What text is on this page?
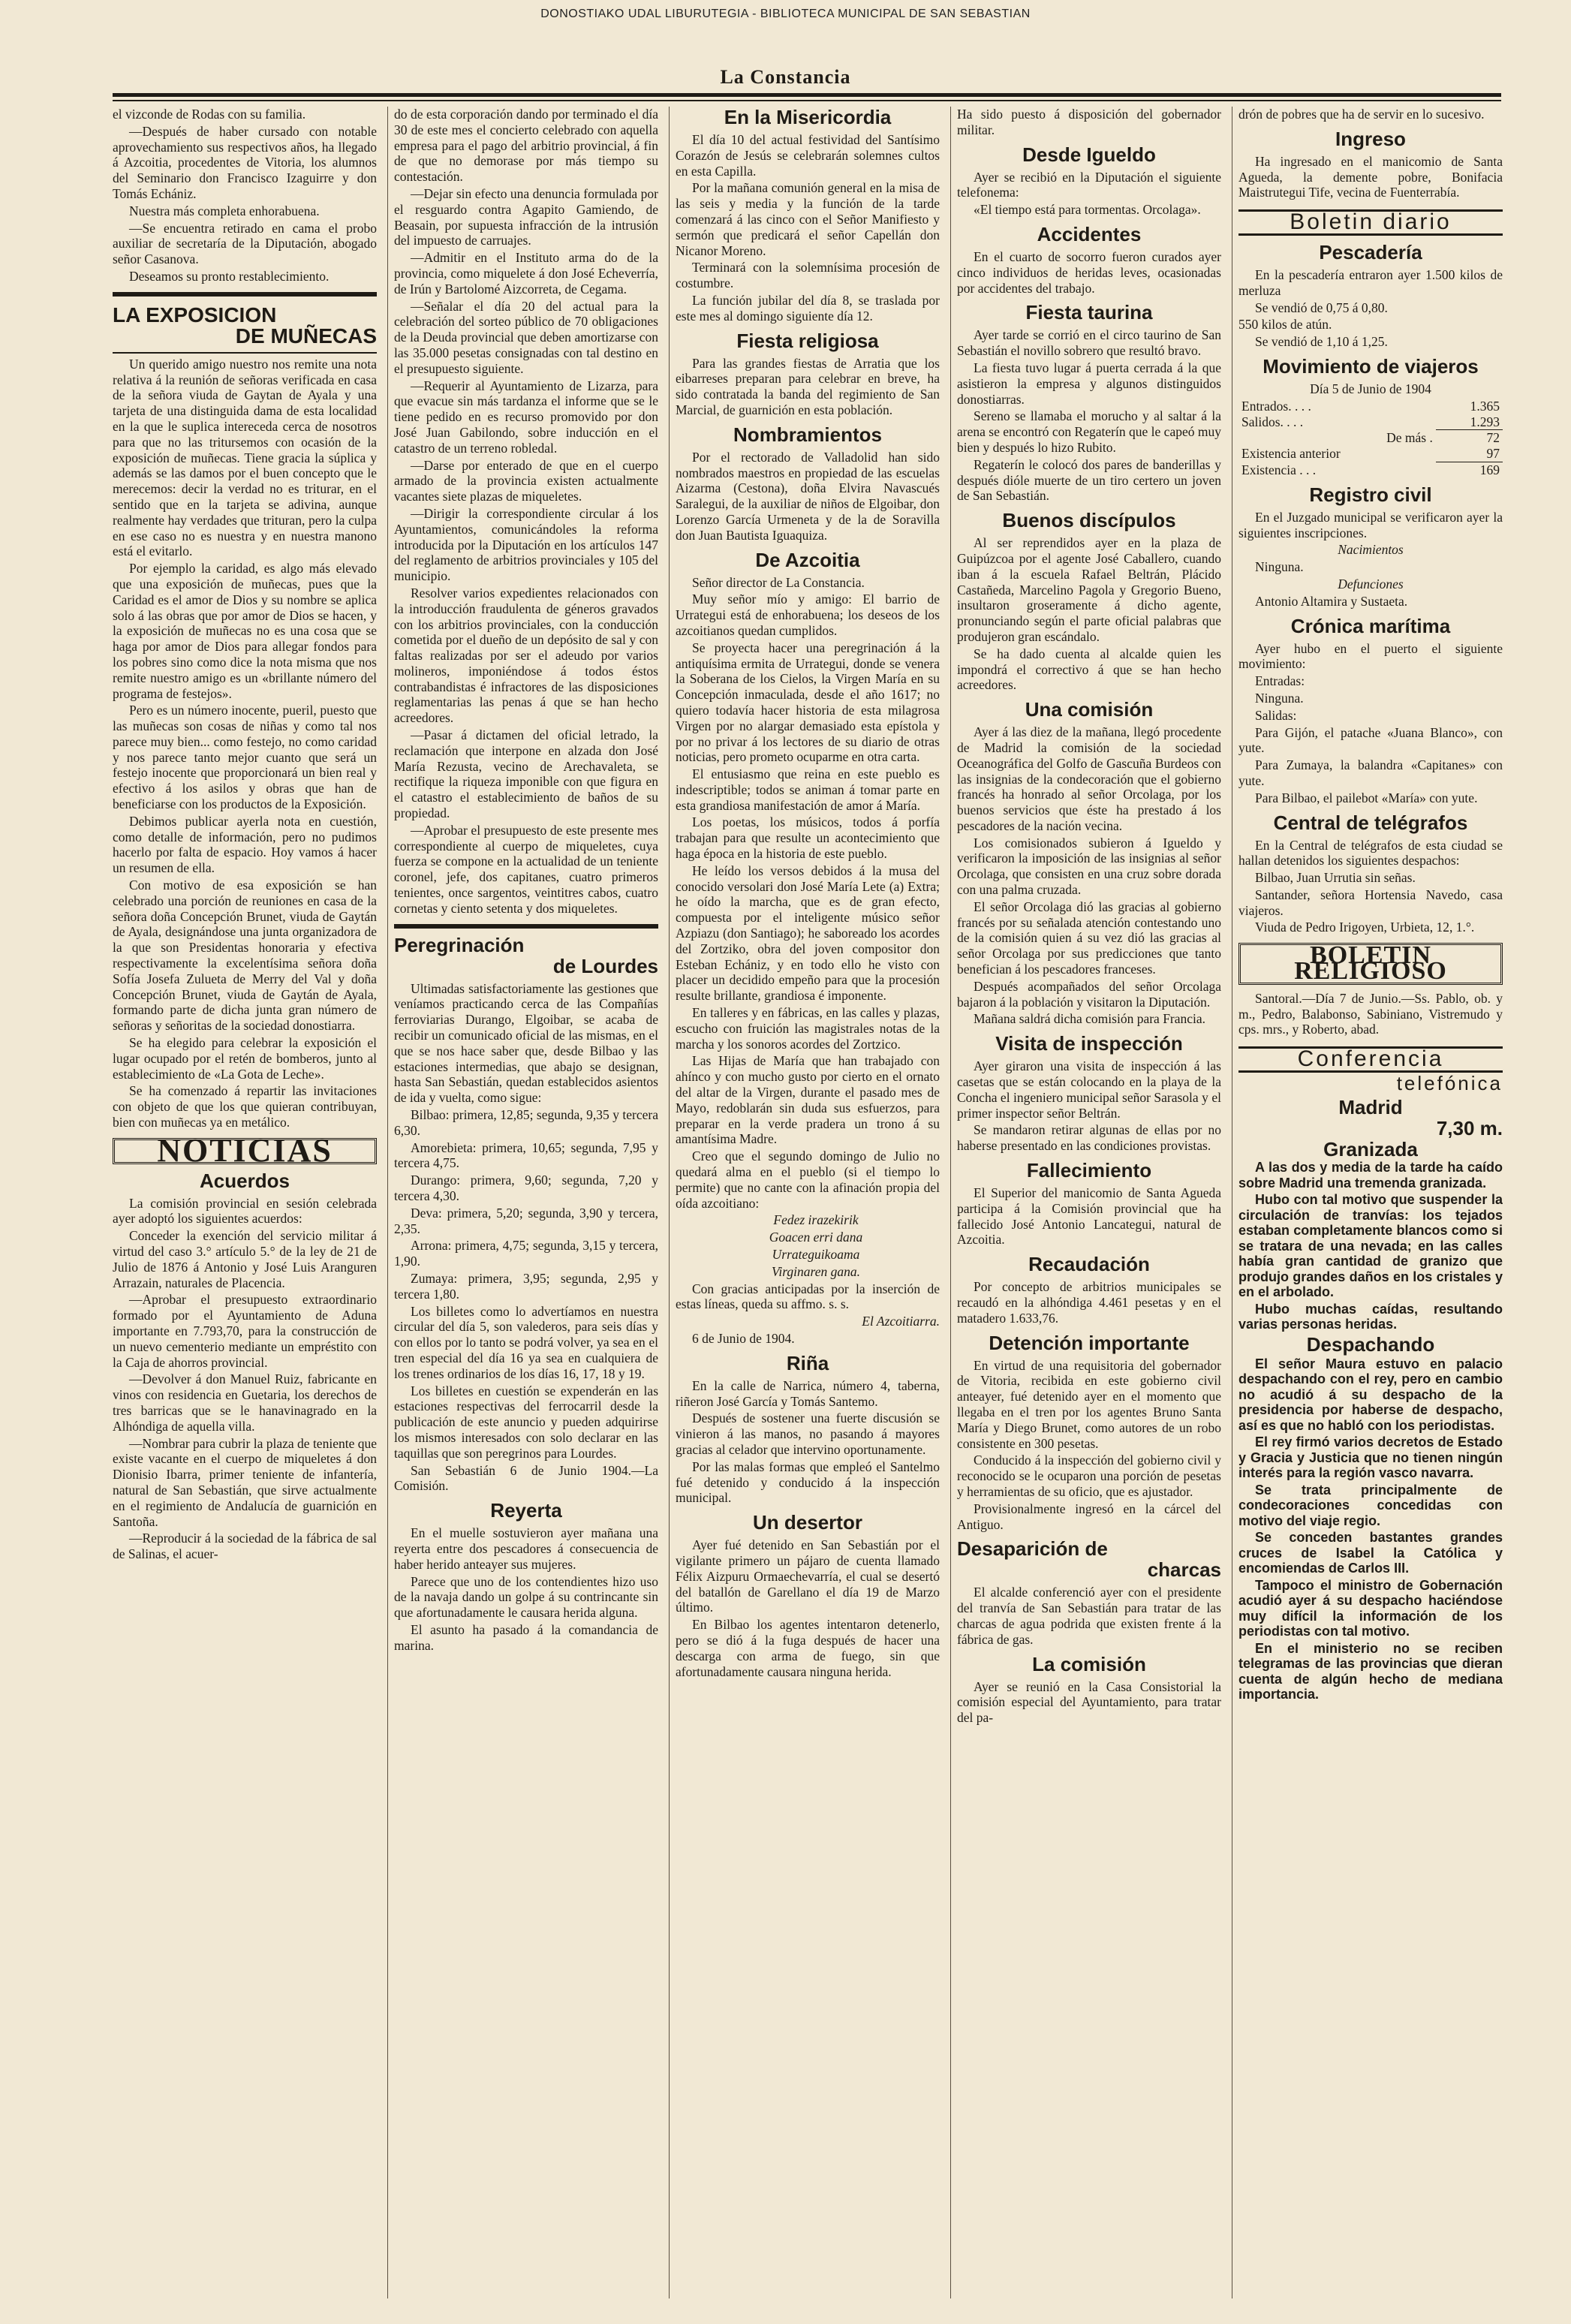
DONOSTIAKO UDAL LIBURUTEGIA - BIBLIOTECA MUNICIPAL DE SAN SEBASTIAN
La Constancia

el vizconde de Rodas con su familia.

—Después de haber cursado con notable aprovechamiento sus respectivos años, ha llegado á Azcoitia, procedentes de Vitoria, los alumnos del Seminario don Francisco Izaguirre y don Tomás Echániz.

Nuestra más completa enhorabuena.

—Se encuentra retirado en cama el probo auxiliar de secretaría de la Diputación, abogado señor Casanova.

Deseamos su pronto restablecimiento.

LA EXPOSICION
DE MUÑECAS

Un querido amigo nuestro nos remite una nota relativa á la reunión de señoras verificada en casa de la señora viuda de Gaytan de Ayala y una tarjeta de una distinguida dama de esta localidad en la que le suplica intereceda cerca de nosotros para que no las tritursemos con ocasión de la exposición de muñecas. Tiene gracia la súplica y además se las damos por el buen concepto que le merecemos: decir la verdad no es triturar, en el sentido que en la tarjeta se adivina, aunque realmente hay verdades que trituran, pero la culpa en ese caso no es nuestra y en nuestra manono está el evitarlo.

Por ejemplo la caridad, es algo más elevado que una exposición de muñecas, pues que la Caridad es el amor de Dios y su nombre se aplica solo á las obras que por amor de Dios se hacen, y la exposición de muñecas no es una cosa que se haga por amor de Dios para allegar fondos para los pobres sino como dice la nota misma que nos remite nuestro amigo es un «brillante número del programa de festejos».

Pero es un número inocente, pueril, puesto que las muñecas son cosas de niñas y como tal nos parece muy bien... como festejo, no como caridad y nos parece tanto mejor cuanto que será un festejo inocente que proporcionará un bien real y efectivo á los asilos y obras que han de beneficiarse con los productos de la Exposición.

Debimos publicar ayerla nota en cuestión, como detalle de información, pero no pudimos hacerlo por falta de espacio. Hoy vamos á hacer un resumen de ella.

Con motivo de esa exposición se han celebrado una porción de reuniones en casa de la señora doña Concepción Brunet, viuda de Gaytán de Ayala, designándose una junta organizadora de la que son Presidentas honoraria y efectiva respectivamente la excelentísima señora doña Sofía Josefa Zulueta de Merry del Val y doña Concepción Brunet, viuda de Gaytán de Ayala, formando parte de dicha junta gran número de señoras y señoritas de la sociedad donostiarra.

Se ha elegido para celebrar la exposición el lugar ocupado por el retén de bomberos, junto al establecimiento de «La Gota de Leche».

Se ha comenzado á repartir las invitaciones con objeto de que los que quieran contribuyan, bien con muñecas ya en metálico.

NOTICIAS
Acuerdos

La comisión provincial en sesión celebrada ayer adoptó los siguientes acuerdos:

Conceder la exención del servicio militar á virtud del caso 3.° artículo 5.° de la ley de 21 de Julio de 1876 á Antonio y José Luis Aranguren Arrazain, naturales de Placencia.

—Aprobar el presupuesto extraordinario formado por el Ayuntamiento de Aduna importante en 7.793,70, para la construcción de un nuevo cementerio mediante un empréstito con la Caja de ahorros provincial.

—Devolver á don Manuel Ruiz, fabricante en vinos con residencia en Guetaria, los derechos de tres barricas que se le hanavinagrado en la Alhóndiga de aquella villa.

—Nombrar para cubrir la plaza de teniente que existe vacante en el cuerpo de miqueletes á don Dionisio Ibarra, primer teniente de infantería, natural de San Sebastián, que sirve actualmente en el regimiento de Andalucía de guarnición en Santoña.

—Reproducir á la sociedad de la fábrica de sal de Salinas, el acuer-

do de esta corporación dando por terminado el día 30 de este mes el concierto celebrado con aquella empresa para el pago del arbitrio provincial, á fin de que no demorase por más tiempo su contestación.

—Dejar sin efecto una denuncia formulada por el resguardo contra Agapito Gamiendo, de Beasain, por supuesta infracción de la intrusión del impuesto de carruajes.

—Admitir en el Instituto arma do de la provincia, como miquelete á don José Echeverría, de Irún y Bartolomé Aizcorreta, de Cegama.

—Señalar el día 20 del actual para la celebración del sorteo público de 70 obligaciones de la Deuda provincial que deben amortizarse con las 35.000 pesetas consignadas con tal destino en el presupuesto siguiente.

—Requerir al Ayuntamiento de Lizarza, para que evacue sin más tardanza el informe que se le tiene pedido en es recurso promovido por don José Juan Gabilondo, sobre inducción en el catastro de un terreno robledal.

—Darse por enterado de que en el cuerpo armado de la provincia existen actualmente vacantes siete plazas de miqueletes.

—Dirigir la correspondiente circular á los Ayuntamientos, comunicándoles la reforma introducida por la Diputación en los artículos 147 del reglamento de arbitrios provinciales y 105 del municipio.

Resolver varios expedientes relacionados con la introducción fraudulenta de géneros gravados con los arbitrios provinciales, con la conducción cometida por el dueño de un depósito de sal y con faltas realizadas por ser el adeudo por varios molineros, imponiéndose á todos éstos contrabandistas é infractores de las disposiciones reglamentarias las penas á que se han hecho acreedores.

—Pasar á dictamen del oficial letrado, la reclamación que interpone en alzada don José María Rezusta, vecino de Arechavaleta, se rectifique la riqueza imponible con que figura en el catastro el establecimiento de baños de su propiedad.

—Aprobar el presupuesto de este presente mes correspondiente al cuerpo de miqueletes, cuya fuerza se compone en la actualidad de un teniente coronel, jefe, dos capitanes, cuatro primeros tenientes, once sargentos, veintitres cabos, cuatro cornetas y ciento setenta y dos miqueletes.

Peregrinación
de Lourdes

Ultimadas satisfactoriamente las gestiones que veníamos practicando cerca de las Compañías ferroviarias Durango, Elgoibar, se acaba de recibir un comunicado oficial de las mismas, en el que se nos hace saber que, desde Bilbao y las estaciones intermedias, que abajo se designan, hasta San Sebastián, quedan establecidos asientos de ida y vuelta, como sigue:

Bilbao: primera, 12,85; segunda, 9,35 y tercera 6,30.

Amorebieta: primera, 10,65; segunda, 7,95 y tercera 4,75.

Durango: primera, 9,60; segunda, 7,20 y tercera 4,30.

Deva: primera, 5,20; segunda, 3,90 y tercera, 2,35.

Arrona: primera, 4,75; segunda, 3,15 y tercera, 1,90.

Zumaya: primera, 3,95; segunda, 2,95 y tercera 1,80.

Los billetes como lo advertíamos en nuestra circular del día 5, son valederos, para seis días y con ellos por lo tanto se podrá volver, ya sea en el tren especial del día 16 ya sea en cualquiera de los trenes ordinarios de los días 16, 17, 18 y 19.

Los billetes en cuestión se expenderán en las estaciones respectivas del ferrocarril desde la publicación de este anuncio y pueden adquirirse los mismos interesados con solo declarar en las taquillas que son peregrinos para Lourdes.

San Sebastián 6 de Junio 1904.—La Comisión.

Reyerta

En el muelle sostuvieron ayer mañana una reyerta entre dos pescadores á consecuencia de haber herido anteayer sus mujeres.

Parece que uno de los contendientes hizo uso de la navaja dando un golpe á su contrincante sin que afortunadamente le causara herida alguna.

El asunto ha pasado á la comandancia de marina.

En la Misericordia

El día 10 del actual festividad del Santísimo Corazón de Jesús se celebrarán solemnes cultos en esta Capilla.

Por la mañana comunión general en la misa de las seis y media y la función de la tarde comenzará á las cinco con el Señor Manifiesto y sermón que predicará el señor Capellán don Nicanor Moreno.

Terminará con la solemnísima procesión de costumbre.

La función jubilar del día 8, se traslada por este mes al domingo siguiente día 12.

Fiesta religiosa

Para las grandes fiestas de Arratia que los eibarreses preparan para celebrar en breve, ha sido contratada la banda del regimiento de San Marcial, de guarnición en esta población.

Nombramientos

Por el rectorado de Valladolid han sido nombrados maestros en propiedad de las escuelas Aizarma (Cestona), doña Elvira Navascués Saralegui, de la auxiliar de niños de Elgoibar, don Lorenzo García Urmeneta y de la de Soravilla don Juan Bautista Iguaquiza.

De Azcoitia

Señor director de La Constancia.

Muy señor mío y amigo: El barrio de Urrategui está de enhorabuena; los deseos de los azcoitianos quedan cumplidos.

Se proyecta hacer una peregrinación á la antiquísima ermita de Urrategui, donde se venera la Soberana de los Cielos, la Virgen María en su Concepción inmaculada, desde el año 1617; no quiero todavía hacer historia de esta milagrosa Virgen por no alargar demasiado esta epístola y por no privar á los lectores de su diario de otras noticias, pero prometo ocuparme en otra carta.

El entusiasmo que reina en este pueblo es indescriptible; todos se animan á tomar parte en esta grandiosa manifestación de amor á María.

Los poetas, los músicos, todos á porfía trabajan para que resulte un acontecimiento que haga época en la historia de este pueblo.

He leído los versos debidos á la musa del conocido versolari don José María Lete (a) Extra; he oído la marcha, que es de gran efecto, compuesta por el inteligente músico señor Azpiazu (don Santiago); he saboreado los acordes del Zortziko, obra del joven compositor don Esteban Echániz, y en todo ello he visto con placer un decidido empeño para que la procesión resulte brillante, grandiosa é imponente.

En talleres y en fábricas, en las calles y plazas, escucho con fruición las magistrales notas de la marcha y los sonoros acordes del Zortzico.

Las Hijas de María que han trabajado con ahínco y con mucho gusto por cierto en el ornato del altar de la Virgen, durante el pasado mes de Mayo, redoblarán sin duda sus esfuerzos, para preparar en la verde pradera un trono á su amantísima Madre.

Creo que el segundo domingo de Julio no quedará alma en el pueblo (si el tiempo lo permite) que no cante con la afinación propia del oída azcoitiano:

Fedez irazekirik

Goacen erri dana

Urrateguikoama

Virginaren gana.

Con gracias anticipadas por la inserción de estas líneas, queda su affmo. s. s.

El Azcoitiarra.

6 de Junio de 1904.

Riña

En la calle de Narrica, número 4, taberna, riñeron José García y Tomás Santemo.

Después de sostener una fuerte discusión se vinieron á las manos, no pasando á mayores gracias al celador que intervino oportunamente.

Por las malas formas que empleó el Santelmo fué detenido y conducido á la inspección municipal.

Un desertor

Ayer fué detenido en San Sebastián por el vigilante primero un pájaro de cuenta llamado Félix Aizpuru Ormaechevarría, el cual se desertó del batallón de Garellano el día 19 de Marzo último.

En Bilbao los agentes intentaron detenerlo, pero se dió á la fuga después de hacer una descarga con arma de fuego, sin que afortunadamente causara ninguna herida.

Ha sido puesto á disposición del gobernador militar.

Desde Igueldo

Ayer se recibió en la Diputación el siguiente telefonema:

«El tiempo está para tormentas. Orcolaga».

Accidentes

En el cuarto de socorro fueron curados ayer cinco individuos de heridas leves, ocasionadas por accidentes del trabajo.

Fiesta taurina

Ayer tarde se corrió en el circo taurino de San Sebastián el novillo sobrero que resultó bravo.

La fiesta tuvo lugar á puerta cerrada á la que asistieron la empresa y algunos distinguidos donostiarras.

Sereno se llamaba el morucho y al saltar á la arena se encontró con Regaterín que le capeó muy bien y después lo hizo Rubito.

Regaterín le colocó dos pares de banderillas y después dióle muerte de un tiro certero un joven de San Sebastián.

Buenos discípulos

Al ser reprendidos ayer en la plaza de Guipúzcoa por el agente José Caballero, cuando iban á la escuela Rafael Beltrán, Plácido Castañeda, Marcelino Pagola y Gregorio Bueno, insultaron groseramente á dicho agente, pronunciando según el parte oficial palabras que produjeron gran escándalo.

Se ha dado cuenta al alcalde quien les impondrá el correctivo á que se han hecho acreedores.

Una comisión

Ayer á las diez de la mañana, llegó procedente de Madrid la comisión de la sociedad Oceanográfica del Golfo de Gascuña Burdeos con las insignias de la condecoración que el gobierno francés ha honrado al señor Orcolaga, por los buenos servicios que éste ha prestado á los pescadores de la nación vecina.

Los comisionados subieron á Igueldo y verificaron la imposición de las insignias al señor Orcolaga, que consisten en una cruz sobre dorada con una palma cruzada.

El señor Orcolaga dió las gracias al gobierno francés por su señalada atención contestando uno de la comisión quien á su vez dió las gracias al señor Orcolaga por sus predicciones que tanto benefician á los pescadores franceses.

Después acompañados del señor Orcolaga bajaron á la población y visitaron la Diputación.

Mañana saldrá dicha comisión para Francia.

Visita de inspección

Ayer giraron una visita de inspección á las casetas que se están colocando en la playa de la Concha el ingeniero municipal señor Sarasola y el primer inspector señor Beltrán.

Se mandaron retirar algunas de ellas por no haberse presentado en las condiciones provistas.

Fallecimiento

El Superior del manicomio de Santa Agueda participa á la Comisión provincial que ha fallecido José Antonio Lancategui, natural de Azcoitia.

Recaudación

Por concepto de arbitrios municipales se recaudó en la alhóndiga 4.461 pesetas y en el matadero 1.633,76.

Detención importante

En virtud de una requisitoria del gobernador de Vitoria, recibida en este gobierno civil anteayer, fué detenido ayer en el momento que llegaba en el tren por los agentes Bruno Santa María y Diego Brunet, como autores de un robo consistente en 300 pesetas.

Conducido á la inspección del gobierno civil y reconocido se le ocuparon una porción de pesetas y herramientas de su oficio, que es ajustador.

Provisionalmente ingresó en la cárcel del Antiguo.

Desaparición de
charcas

El alcalde conferenció ayer con el presidente del tranvía de San Sebastián para tratar de las charcas de agua podrida que existen frente á la fábrica de gas.

La comisión

Ayer se reunió en la Casa Consistorial la comisión especial del Ayuntamiento, para tratar del pa-

drón de pobres que ha de servir en lo sucesivo.

Ingreso

Ha ingresado en el manicomio de Santa Agueda, la demente pobre, Bonifacia Maistrutegui Tife, vecina de Fuenterrabía.

Boletin diario
Pescadería

En la pescadería entraron ayer 1.500 kilos de merluza

Se vendió de 0,75 á 0,80.

550 kilos de atún.

Se vendió de 1,10 á 1,25.

Movimiento de viajeros

Día 5 de Junio de 1904

Entrados. . . .	1.365
Salidos. . . .	1.293
De más .	72
Existencia anterior	97
Existencia . . .	169
Registro civil

En el Juzgado municipal se verificaron ayer la siguientes inscripciones.

Nacimientos

Ninguna.

Defunciones

Antonio Altamira y Sustaeta.

Crónica marítima

Ayer hubo en el puerto el siguiente movimiento:

Entradas:

Ninguna.

Salidas:

Para Gijón, el patache «Juana Blanco», con yute.

Para Zumaya, la balandra «Capitanes» con yute.

Para Bilbao, el pailebot «María» con yute.

Central de telégrafos

En la Central de telégrafos de esta ciudad se hallan detenidos los siguientes despachos:

Bilbao, Juan Urrutia sin señas.

Santander, señora Hortensia Navedo, casa viajeros.

Viuda de Pedro Irigoyen, Urbieta, 12, 1.°.

BOLETIN RELIGIOSO

Santoral.—Día 7 de Junio.—Ss. Pablo, ob. y m., Pedro, Balabonso, Sabiniano, Vistremudo y cps. mrs., y Roberto, abad.

Conferencia
telefónica
Madrid
7,30 m.
Granizada

A las dos y media de la tarde ha caído sobre Madrid una tremenda granizada.

Hubo con tal motivo que suspender la circulación de tranvías: los tejados estaban completamente blancos como si se tratara de una nevada; en las calles había gran cantidad de granizo que produjo grandes daños en los cristales y en el arbolado.

Hubo muchas caídas, resultando varias personas heridas.

Despachando

El señor Maura estuvo en palacio despachando con el rey, pero en cambio no acudió á su despacho de la presidencia por haberse de despacho, así es que no habló con los periodistas.

El rey firmó varios decretos de Estado y Gracia y Justicia que no tienen ningún interés para la región vasco navarra.

Se trata principalmente de condecoraciones concedidas con motivo del viaje regio.

Se conceden bastantes grandes cruces de Isabel la Católica y encomiendas de Carlos III.

Tampoco el ministro de Gobernación acudió ayer á su despacho haciéndose muy difícil la información de los periodistas con tal motivo.

En el ministerio no se reciben telegramas de las provincias que dieran cuenta de algún hecho de mediana importancia.
